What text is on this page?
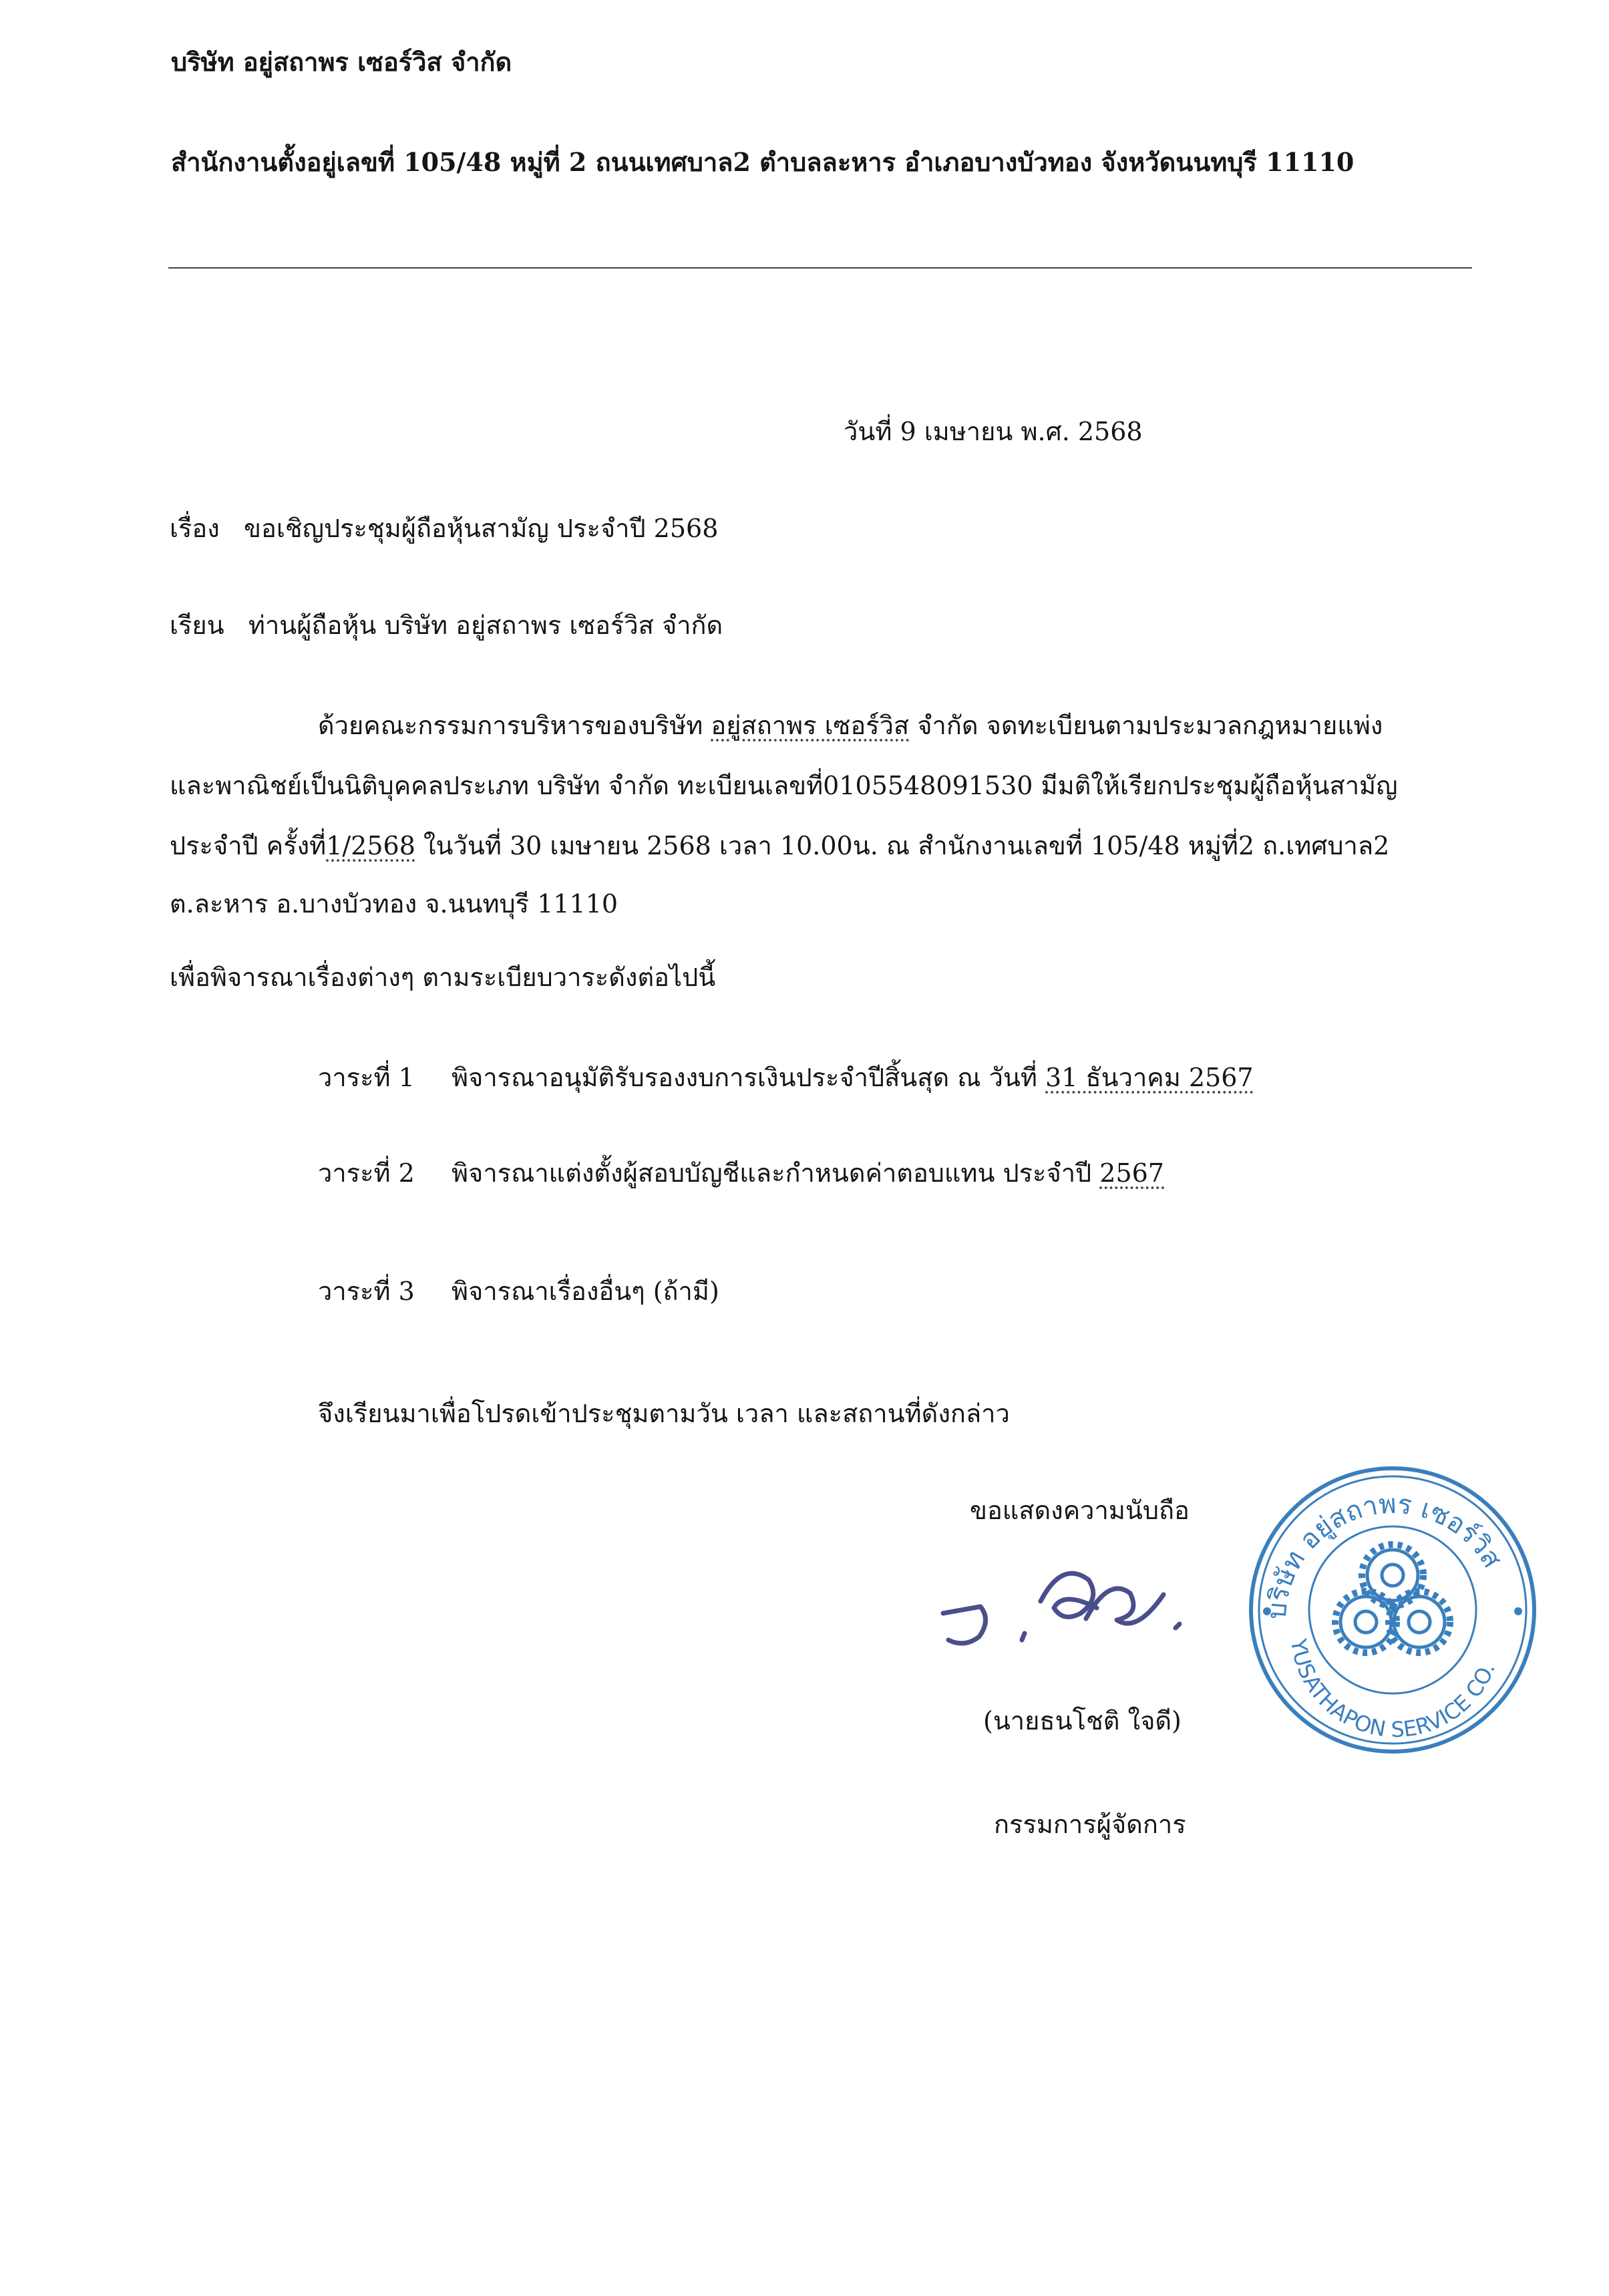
บริษัท อยู่สถาพร เซอร์วิส จำกัด
สำนักงานตั้งอยู่เลขที่ 105/48 หมู่ที่ 2 ถนนเทศบาล2 ตำบลละหาร อำเภอบางบัวทอง จังหวัดนนทบุรี 11110
วันที่ 9 เมษายน พ.ศ. 2568
เรื่อง ขอเชิญประชุมผู้ถือหุ้นสามัญ ประจำปี 2568
เรียน ท่านผู้ถือหุ้น บริษัท อยู่สถาพร เซอร์วิส จำกัด
ด้วยคณะกรรมการบริหารของบริษัท อยู่สถาพร เซอร์วิส จำกัด จดทะเบียนตามประมวลกฎหมายแพ่ง
และพาณิชย์เป็นนิติบุคคลประเภท บริษัท จำกัด ทะเบียนเลขที่0105548091530 มีมติให้เรียกประชุมผู้ถือหุ้นสามัญ
ประจำปี ครั้งที่1/2568 ในวันที่ 30 เมษายน 2568 เวลา 10.00น. ณ สำนักงานเลขที่ 105/48 หมู่ที่2 ถ.เทศบาล2
ต.ละหาร อ.บางบัวทอง จ.นนทบุรี 11110
เพื่อพิจารณาเรื่องต่างๆ ตามระเบียบวาระดังต่อไปนี้
วาระที่ 1 พิจารณาอนุมัติรับรองงบการเงินประจำปีสิ้นสุด ณ วันที่ 31 ธันวาคม 2567
วาระที่ 2 พิจารณาแต่งตั้งผู้สอบบัญชีและกำหนดค่าตอบแทน ประจำปี 2567
วาระที่ 3 พิจารณาเรื่องอื่นๆ (ถ้ามี)
จึงเรียนมาเพื่อโปรดเข้าประชุมตามวัน เวลา และสถานที่ดังกล่าว
ขอแสดงความนับถือ
บริษัท อยู่สถาพร เซอร์วิส
YUSATHAPON SERVICE CO.
(นายธนโชติ ใจดี)
กรรมการผู้จัดการ
